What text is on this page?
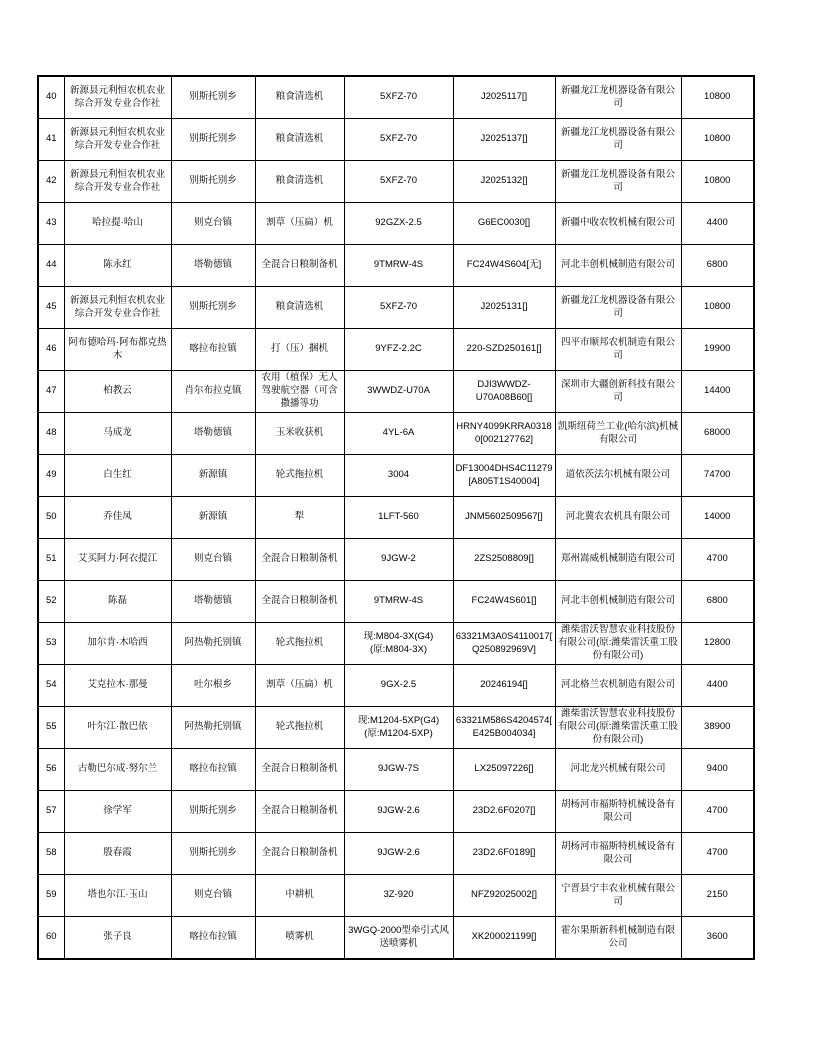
40	新源县元利恒农机农业综合开发专业合作社	别斯托别乡	粮食清选机	5XFZ-70	J2025117[]	新疆龙江龙机器设备有限公司	10800
41	新源县元利恒农机农业综合开发专业合作社	别斯托别乡	粮食清选机	5XFZ-70	J2025137[]	新疆龙江龙机器设备有限公司	10800
42	新源县元利恒农机农业综合开发专业合作社	别斯托别乡	粮食清选机	5XFZ-70	J2025132[]	新疆龙江龙机器设备有限公司	10800
43	哈拉提·哈山	则克台镇	割草（压扁）机	92GZX-2.5	G6EC0030[]	新疆中收农牧机械有限公司	4400
44	陈永红	塔勒德镇	全混合日粮制备机	9TMRW-4S	FC24W4S604[无]	河北丰创机械制造有限公司	6800
45	新源县元利恒农机农业综合开发专业合作社	别斯托别乡	粮食清选机	5XFZ-70	J2025131[]	新疆龙江龙机器设备有限公司	10800
46	阿布德哈玛·阿布都克热木	喀拉布拉镇	打（压）捆机	9YFZ-2.2C	220-SZD250161[]	四平市顺邦农机制造有限公司	19900
47	柏教云	肖尔布拉克镇	农用（植保）无人驾驶航空器（可含撒播等功	3WWDZ-U70A	DJI3WWDZ-U70A08B60[]	深圳市大疆创新科技有限公司	14400
48	马成龙	塔勒德镇	玉米收获机	4YL-6A	HRNY4099KRRA03180[002127762]	凯斯纽荷兰工业(哈尔滨)机械有限公司	68000
49	白生红	新源镇	轮式拖拉机	3004	DF13004DHS4C11279[A805T1S40004]	道依茨法尔机械有限公司	74700
50	乔佳凤	新源镇	犁	1LFT-560	JNM5602509567[]	河北冀农农机具有限公司	14000
51	艾买阿力·阿衣提江	则克台镇	全混合日粮制备机	9JGW-2	2ZS2508809[]	郑州嵩威机械制造有限公司	4700
52	陈磊	塔勒德镇	全混合日粮制备机	9TMRW-4S	FC24W4S601[]	河北丰创机械制造有限公司	6800
53	加尔肯·木哈西	阿热勒托别镇	轮式拖拉机	现:M804-3X(G4)(原:M804-3X)	63321M3A0S4110017[Q250892969V]	潍柴雷沃智慧农业科技股份有限公司(原:潍柴雷沃重工股份有限公司)	12800
54	艾克拉木·那曼	吐尔根乡	割草（压扁）机	9GX-2.5	20246194[]	河北格兰农机制造有限公司	4400
55	叶尔江·散巴依	阿热勒托别镇	轮式拖拉机	现:M1204-5XP(G4)(原:M1204-5XP)	63321M586S4204574[E425B004034]	潍柴雷沃智慧农业科技股份有限公司(原:潍柴雷沃重工股份有限公司)	38900
56	古勒巴尔成·努尔兰	喀拉布拉镇	全混合日粮制备机	9JGW-7S	LX25097226[]	河北龙兴机械有限公司	9400
57	徐学军	别斯托别乡	全混合日粮制备机	9JGW-2.6	23D2.6F0207[]	胡杨河市福斯特机械设备有限公司	4700
58	殷春霞	别斯托别乡	全混合日粮制备机	9JGW-2.6	23D2.6F0189[]	胡杨河市福斯特机械设备有限公司	4700
59	塔也尔江·玉山	则克台镇	中耕机	3Z-920	NFZ92025002[]	宁晋县宁丰农业机械有限公司	2150
60	张子良	喀拉布拉镇	喷雾机	3WGQ-2000型牵引式风送喷雾机	XK200021199[]	霍尔果斯新科机械制造有限公司	3600
